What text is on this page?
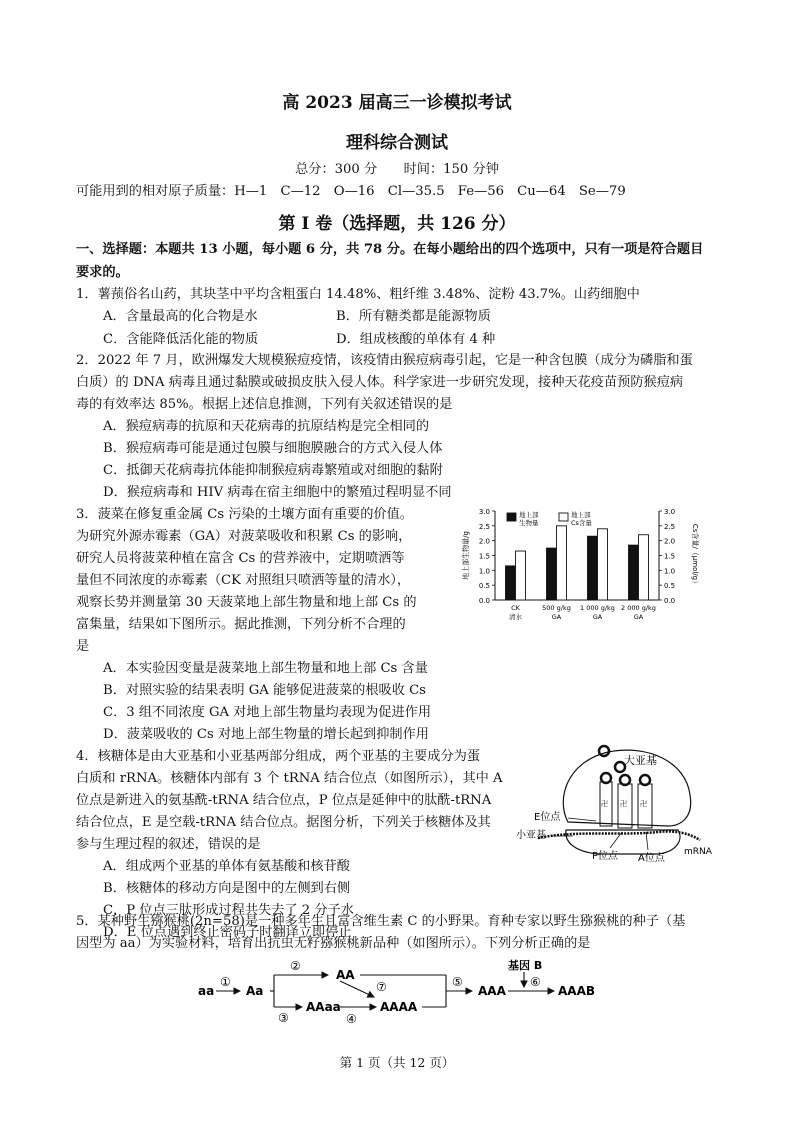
高 2023 届高三一诊模拟考试
理科综合测试
总分：300 分　　时间：150 分钟
可能用到的相对原子质量：H—1　C—12　O—16　Cl—35.5　Fe—56　Cu—64　Se—79
第 I 卷（选择题，共 126 分）
一、选择题：本题共 13 小题，每小题 6 分，共 78 分。在每小题给出的四个选项中，只有一项是符合题目
要求的。
1．薯蓣俗名山药，其块茎中平均含粗蛋白 14.48%、粗纤维 3.48%、淀粉 43.7%。山药细胞中
A．含量最高的化合物是水	B．所有糖类都是能源物质
C．含能降低活化能的物质	D．组成核酸的单体有 4 种
2．2022 年 7 月，欧洲爆发大规模猴痘疫情，该疫情由猴痘病毒引起，它是一种含包膜（成分为磷脂和蛋
白质）的 DNA 病毒且通过黏膜或破损皮肤入侵人体。科学家进一步研究发现，接种天花疫苗预防猴痘病
毒的有效率达 85%。根据上述信息推测，下列有关叙述错误的是
A．猴痘病毒的抗原和天花病毒的抗原结构是完全相同的
B．猴痘病毒可能是通过包膜与细胞膜融合的方式入侵人体
C．抵御天花病毒抗体能抑制猴痘病毒繁殖或对细胞的黏附
D．猴痘病毒和 HIV 病毒在宿主细胞中的繁殖过程明显不同
3．菠菜在修复重金属 Cs 污染的土壤方面有重要的价值。
为研究外源赤霉素（GA）对菠菜吸收和积累 Cs 的影响，
研究人员将菠菜种植在富含 Cs 的营养液中，定期喷洒等
量但不同浓度的赤霉素（CK 对照组只喷洒等量的清水），
观察长势并测量第 30 天菠菜地上部生物量和地上部 Cs 的
富集量，结果如下图所示。据此推测，下列分析不合理的
是
A．本实验因变量是菠菜地上部生物量和地上部 Cs 含量
B．对照实验的结果表明 GA 能够促进菠菜的根吸收 Cs
C．3 组不同浓度 GA 对地上部生物量均表现为促进作用
D．菠菜吸收的 Cs 对地上部生物量的增长起到抑制作用
0.0	0.0
0.5	0.5
1.0	1.0
1.5	1.5
2.0	2.0
2.5	2.5
3.0	3.0
地上部生物量/g	Cs含量/（μmol/g）
CK
清水
500 g/kg
GA
1 000 g/kg
GA
2 000 g/kg
GA
地上部
生物量
地上部
Cs含量
4．核糖体是由大亚基和小亚基两部分组成，两个亚基的主要成分为蛋
白质和 rRNA。核糖体内部有 3 个 tRNA 结合位点（如图所示），其中 A
位点是新进入的氨基酰-tRNA 结合位点，P 位点是延伸中的肽酰-tRNA
结合位点，E 是空载-tRNA 结合位点。据图分析，下列关于核糖体及其
参与生理过程的叙述，错误的是
A．组成两个亚基的单体有氨基酸和核苷酸
B．核糖体的移动方向是图中的左侧到右侧
C．P 位点三肽形成过程共失去了 2 分子水
D．E 位点遇到终止密码子时翻译立即停止
卍 卍 卍
大亚基
E位点
小亚基
P位点 A位点
mRNA
5．某种野生猕猴桃(2n=58)是一种多年生且富含维生素 C 的小野果。育种专家以野生猕猴桃的种子（基
因型为 aa）为实验材料，培育出抗虫无籽猕猴桃新品种（如图所示）。下列分析正确的是
aa
①
Aa
②
③
AA
AAaa
⑦
④
AAAA
⑤
AAA
基因 B
⑥
AAAB
第 1 页（共 12 页）
